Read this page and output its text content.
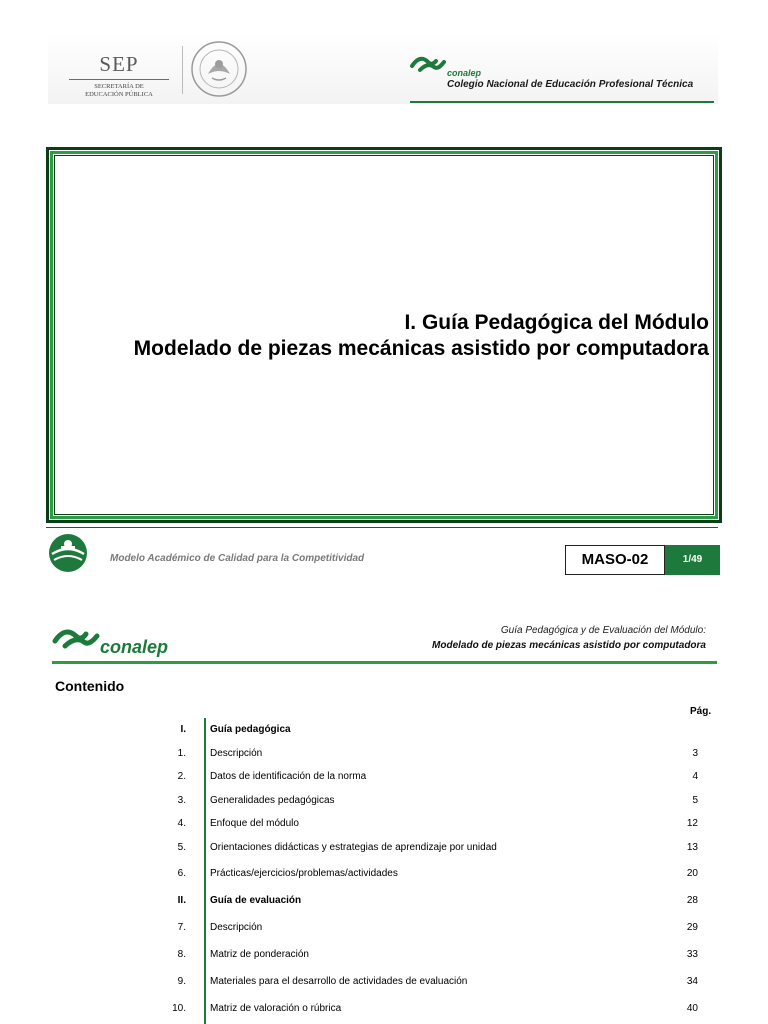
SEP
SECRETARÍA DE
EDUCACIÓN PÚBLICA
conalep
Colegio Nacional de Educación Profesional Técnica
I. Guía Pedagógica del Módulo
Modelado de piezas mecánicas asistido por computadora
Modelo Académico de Calidad para la Competitividad	MASO-02	1/49
conalep
Guía Pedagógica y de Evaluación del Módulo:
Modelado de piezas mecánicas asistido por computadora
Contenido
Pág.
I. Guía pedagógica
1. Descripción	3
2. Datos de identificación de la norma	4
3. Generalidades pedagógicas	5
4. Enfoque del módulo	12
5. Orientaciones didácticas y estrategias de aprendizaje por unidad	13
6. Prácticas/ejercicios/problemas/actividades	20
II. Guía de evaluación	28
7. Descripción	29
8. Matriz de ponderación	33
9. Materiales para el desarrollo de actividades de evaluación	34
10. Matriz de valoración o rúbrica	40
